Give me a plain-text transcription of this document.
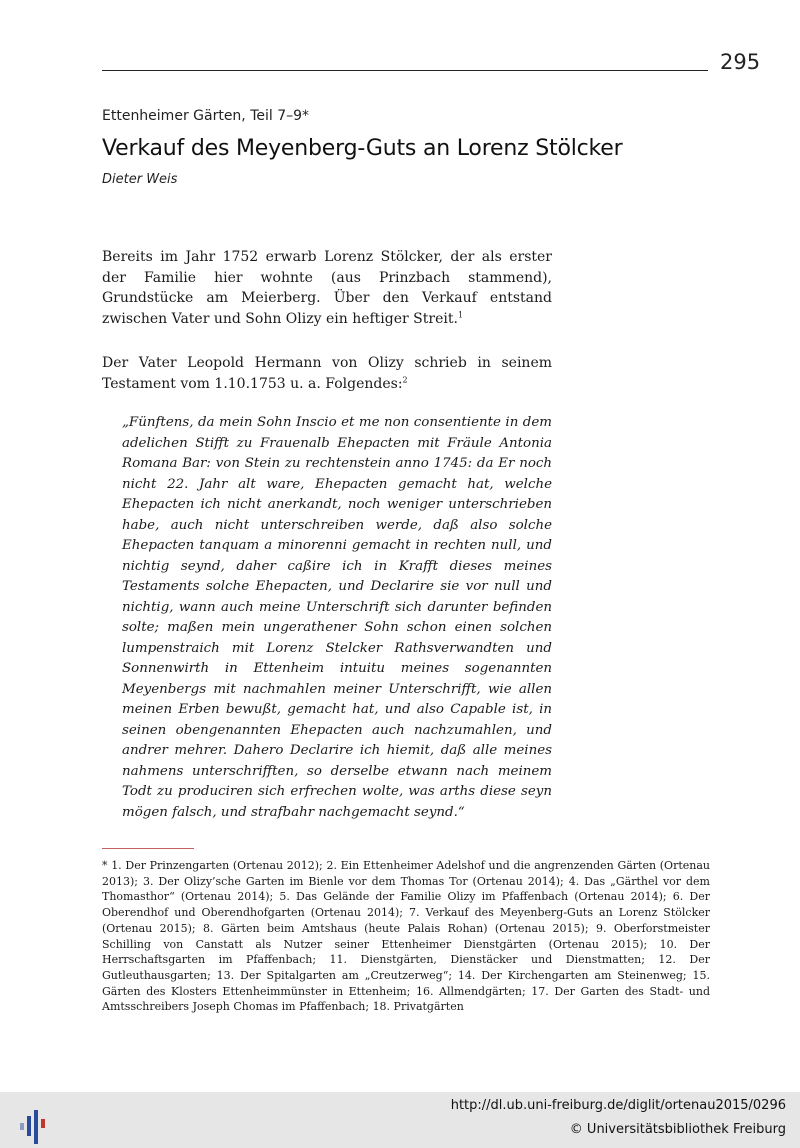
295
Ettenheimer Gärten, Teil 7–9*
Verkauf des Meyenberg-Guts an Lorenz Stölcker
Dieter Weis

Bereits im Jahr 1752 erwarb Lorenz Stölcker, der als erster der Familie hier wohnte (aus Prinzbach stammend), Grundstücke am Meierberg. Über den Verkauf entstand zwischen Vater und Sohn Olizy ein heftiger Streit.$^1$

Der Vater Leopold Hermann von Olizy schrieb in seinem Testament vom 1.10.1753 u. a. Folgendes:$^2$

„Fünftens, da mein Sohn Inscio et me non consentiente in dem adelichen Stifft zu Frauenalb Ehepacten mit Fräule Antonia Romana Bar: von Stein zu rechtenstein anno 1745: da Er noch nicht 22. Jahr alt ware, Ehepacten gemacht hat, welche Ehepacten ich nicht anerkandt, noch weniger unterschrieben habe, auch nicht unterschreiben werde, daß also solche Ehepacten tanquam a minorenni gemacht in rechten null, und nichtig seynd, daher caßire ich in Krafft dieses meines Testaments solche Ehepacten, und Declarire sie vor null und nichtig, wann auch meine Unterschrift sich darunter befinden solte; maßen mein ungerathener Sohn schon einen solchen lumpenstraich mit Lorenz Stelcker Rathsverwandten und Sonnenwirth in Ettenheim intuitu meines sogenannten Meyenbergs mit nachmahlen meiner Unterschrifft, wie allen meinen Erben bewußt, gemacht hat, und also Capable ist, in seinen obengenannten Ehepacten auch nachzumahlen, und andrer mehrer. Dahero Declarire ich hiemit, daß alle meines nahmens unterschrifften, so derselbe etwann nach meinem Todt zu produciren sich erfrechen wolte, was arths diese seyn mögen falsch, und strafbahr nachgemacht seynd.“

* 1. Der Prinzengarten (Ortenau 2012); 2. Ein Ettenheimer Adelshof und die angrenzenden Gärten (Ortenau 2013); 3. Der Olizy’sche Garten im Bienle vor dem Thomas Tor (Ortenau 2014); 4. Das „Gärthel vor dem Thomasthor“ (Ortenau 2014); 5. Das Gelände der Familie Olizy im Pfaffenbach (Ortenau 2014); 6. Der Oberendhof und Oberendhofgarten (Ortenau 2014); 7. Verkauf des Meyenberg-Guts an Lorenz Stölcker (Ortenau 2015); 8. Gärten beim Amtshaus (heute Palais Rohan) (Ortenau 2015); 9. Oberforstmeister Schilling von Canstatt als Nutzer seiner Ettenheimer Dienstgärten (Ortenau 2015); 10. Der Herrschaftsgarten im Pfaffenbach; 11. Dienstgärten, Dienstäcker und Dienstmatten; 12. Der Gutleuthausgarten; 13. Der Spitalgarten am „Creutzerweg“; 14. Der Kirchengarten am Steinenweg; 15. Gärten des Klosters Ettenheimmünster in Ettenheim; 16. Allmendgärten; 17. Der Garten des Stadt- und Amtsschreibers Joseph Chomas im Pfaffenbach; 18. Privatgärten

http://dl.ub.uni-freiburg.de/diglit/ortenau2015/0296
© Universitätsbibliothek Freiburg
